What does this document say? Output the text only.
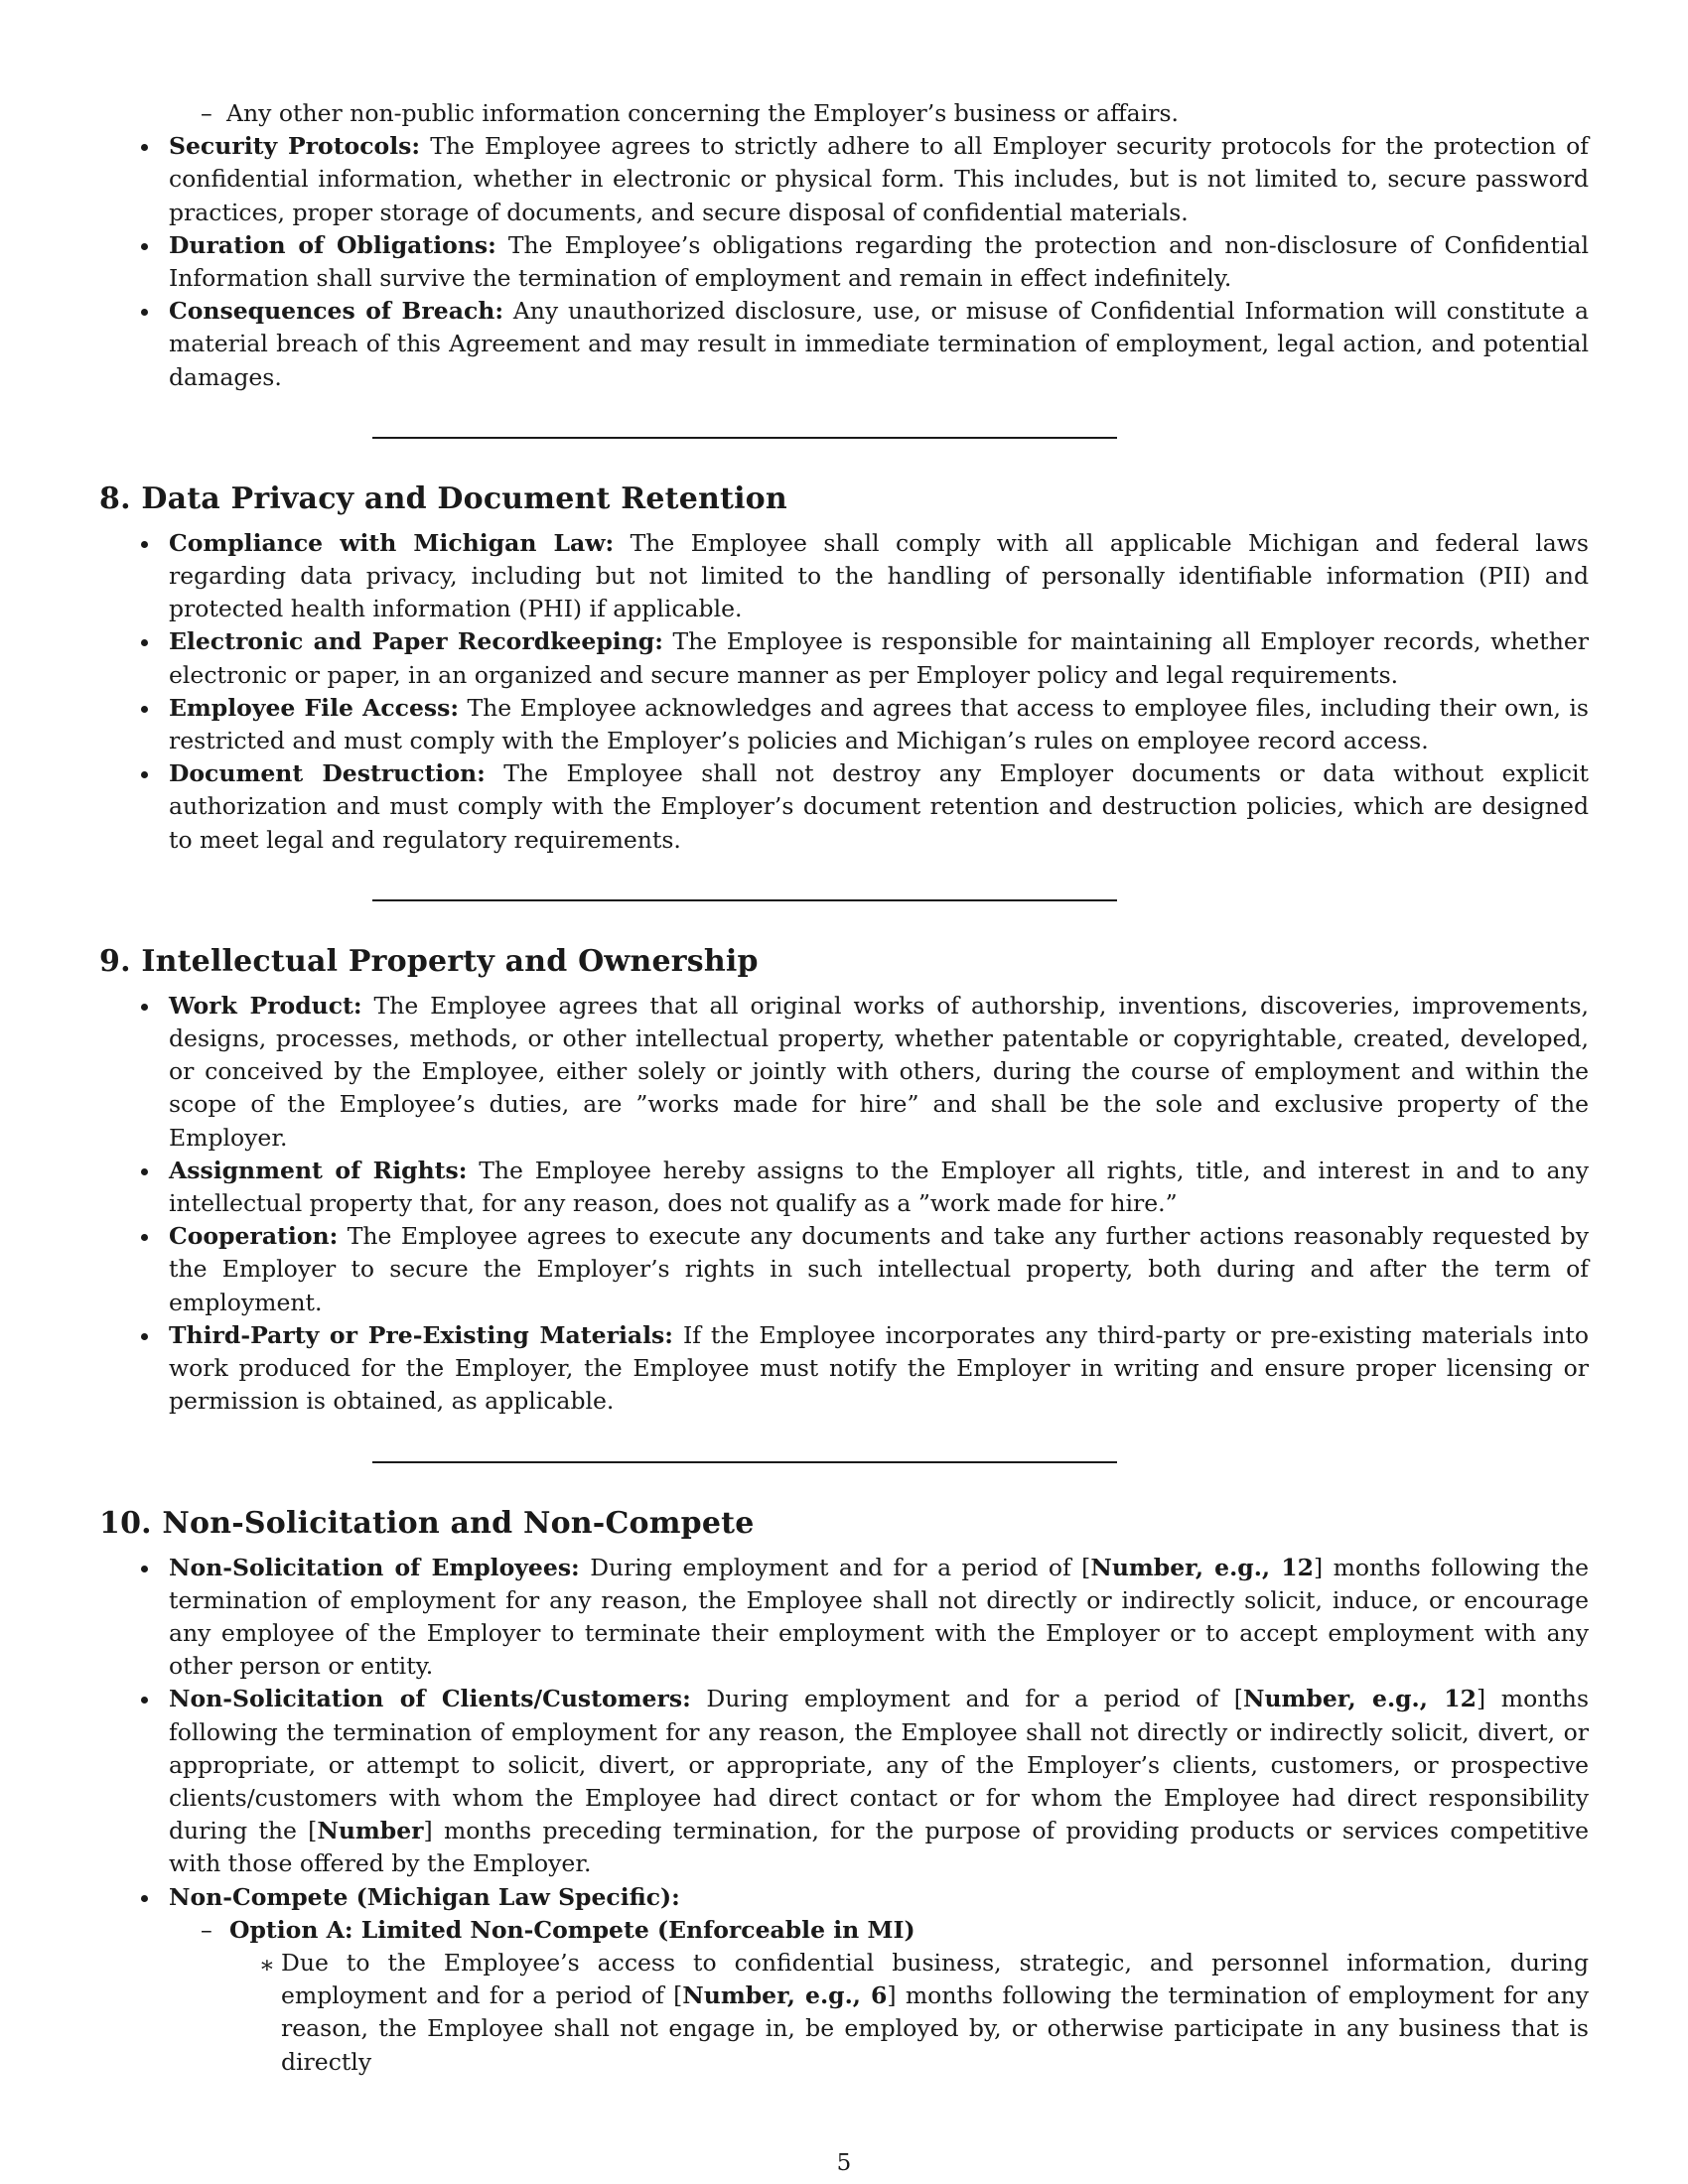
– Any other non-public information concerning the Employer’s business or affairs.

Security Protocols: The Employee agrees to strictly adhere to all Employer security protocols for the protection of confidential information, whether in electronic or physical form. This includes, but is not limited to, secure password practices, proper storage of documents, and secure disposal of confidential materials.
Duration of Obligations: The Employee’s obligations regarding the protection and non-disclosure of Confidential Information shall survive the termination of employment and remain in effect indefinitely.
Consequences of Breach: Any unauthorized disclosure, use, or misuse of Confidential Information will constitute a material breach of this Agreement and may result in immediate termination of employment, legal action, and potential damages.
8. Data Privacy and Document Retention
Compliance with Michigan Law: The Employee shall comply with all applicable Michigan and federal laws regarding data privacy, including but not limited to the handling of personally identifiable information (PII) and protected health information (PHI) if applicable.
Electronic and Paper Recordkeeping: The Employee is responsible for maintaining all Employer records, whether electronic or paper, in an organized and secure manner as per Employer policy and legal requirements.
Employee File Access: The Employee acknowledges and agrees that access to employee files, including their own, is restricted and must comply with the Employer’s policies and Michigan’s rules on employee record access.
Document Destruction: The Employee shall not destroy any Employer documents or data without explicit authorization and must comply with the Employer’s document retention and destruction policies, which are designed to meet legal and regulatory requirements.
9. Intellectual Property and Ownership
Work Product: The Employee agrees that all original works of authorship, inventions, discoveries, improvements, designs, processes, methods, or other intellectual property, whether patentable or copyrightable, created, developed, or conceived by the Employee, either solely or jointly with others, during the course of employment and within the scope of the Employee’s duties, are ”works made for hire” and shall be the sole and exclusive property of the Employer.
Assignment of Rights: The Employee hereby assigns to the Employer all rights, title, and interest in and to any intellectual property that, for any reason, does not qualify as a ”work made for hire.”
Cooperation: The Employee agrees to execute any documents and take any further actions reasonably requested by the Employer to secure the Employer’s rights in such intellectual property, both during and after the term of employment.
Third-Party or Pre-Existing Materials: If the Employee incorporates any third-party or pre-existing materials into work produced for the Employer, the Employee must notify the Employer in writing and ensure proper licensing or permission is obtained, as applicable.
10. Non-Solicitation and Non-Compete
Non-Solicitation of Employees: During employment and for a period of [Number, e.g., 12] months following the termination of employment for any reason, the Employee shall not directly or indirectly solicit, induce, or encourage any employee of the Employer to terminate their employment with the Employer or to accept employment with any other person or entity.
Non-Solicitation of Clients/Customers: During employment and for a period of [Number, e.g., 12] months following the termination of employment for any reason, the Employee shall not directly or indirectly solicit, divert, or appropriate, or attempt to solicit, divert, or appropriate, any of the Employer’s clients, customers, or prospective clients/customers with whom the Employee had direct contact or for whom the Employee had direct responsibility during the [Number] months preceding termination, for the purpose of providing products or services competitive with those offered by the Employer.
Non-Compete (Michigan Law Specific):
– Option A: Limited Non-Compete (Enforceable in MI)
∗ Due to the Employee’s access to confidential business, strategic, and personnel information, during employment and for a period of [Number, e.g., 6] months following the termination of employment for any reason, the Employee shall not engage in, be employed by, or otherwise participate in any business that is directly
5
